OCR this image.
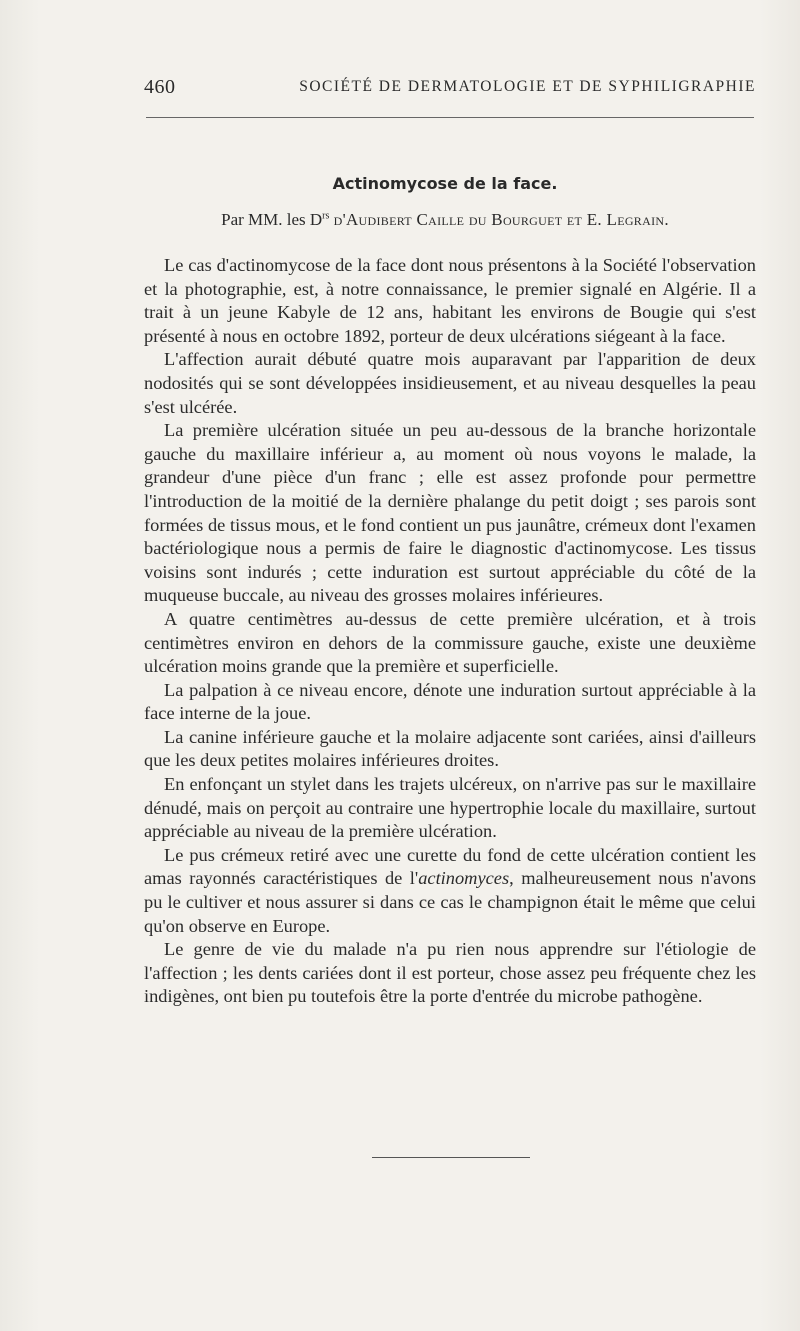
460	SOCIÉTÉ DE DERMATOLOGIE ET DE SYPHILIGRAPHIE
Actinomycose de la face.
Par MM. les $D^{rs}$ d'Audibert Caille du Bourguet et E. Legrain.

Le cas d'actinomycose de la face dont nous présentons à la Société l'observation et la photographie, est, à notre connaissance, le premier signalé en Algérie. Il a trait à un jeune Kabyle de 12 ans, habitant les environs de Bougie qui s'est présenté à nous en octobre 1892, porteur de deux ulcérations siégeant à la face.

L'affection aurait débuté quatre mois auparavant par l'apparition de deux nodosités qui se sont développées insidieusement, et au niveau desquelles la peau s'est ulcérée.

La première ulcération située un peu au-dessous de la branche horizontale gauche du maxillaire inférieur a, au moment où nous voyons le malade, la grandeur d'une pièce d'un franc ; elle est assez profonde pour permettre l'introduction de la moitié de la dernière phalange du petit doigt ; ses parois sont formées de tissus mous, et le fond contient un pus jaunâtre, crémeux dont l'examen bactériologique nous a permis de faire le diagnostic d'actinomycose. Les tissus voisins sont indurés ; cette induration est surtout appréciable du côté de la muqueuse buccale, au niveau des grosses molaires inférieures.

A quatre centimètres au-dessus de cette première ulcération, et à trois centimètres environ en dehors de la commissure gauche, existe une deuxième ulcération moins grande que la première et superficielle.

La palpation à ce niveau encore, dénote une induration surtout appréciable à la face interne de la joue.

La canine inférieure gauche et la molaire adjacente sont cariées, ainsi d'ailleurs que les deux petites molaires inférieures droites.

En enfonçant un stylet dans les trajets ulcéreux, on n'arrive pas sur le maxillaire dénudé, mais on perçoit au contraire une hypertrophie locale du maxillaire, surtout appréciable au niveau de la première ulcération.

Le pus crémeux retiré avec une curette du fond de cette ulcération contient les amas rayonnés caractéristiques de l'actinomyces, malheureusement nous n'avons pu le cultiver et nous assurer si dans ce cas le champignon était le même que celui qu'on observe en Europe.

Le genre de vie du malade n'a pu rien nous apprendre sur l'étiologie de l'affection ; les dents cariées dont il est porteur, chose assez peu fréquente chez les indigènes, ont bien pu toutefois être la porte d'entrée du microbe pathogène.
